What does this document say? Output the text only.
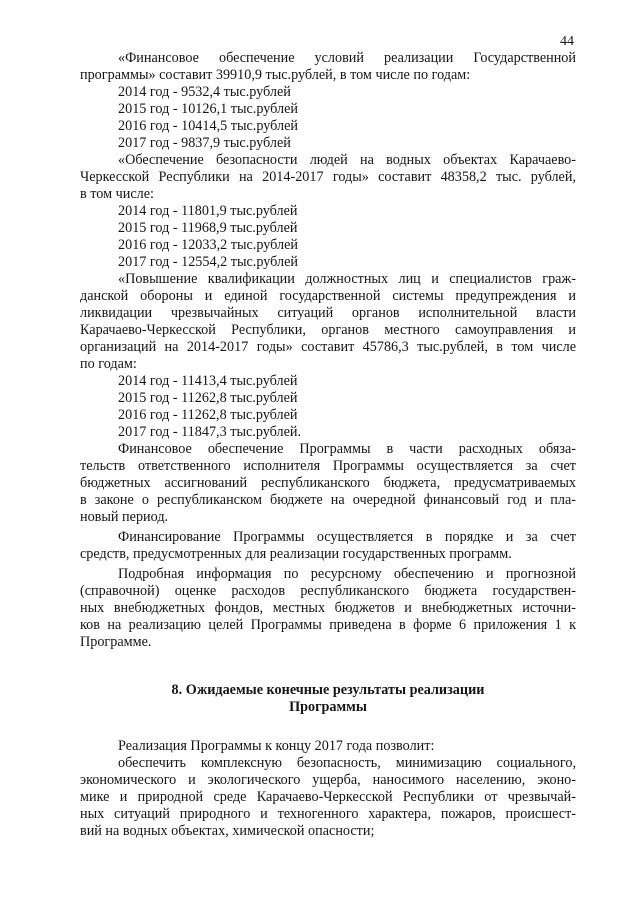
44
«Финансовое обеспечение условий реализации Государственной
программы» составит 39910,9 тыс.рублей, в том числе по годам:
2014 год - 9532,4 тыс.рублей
2015 год - 10126,1 тыс.рублей
2016 год - 10414,5 тыс.рублей
2017 год - 9837,9 тыс.рублей
«Обеспечение безопасности людей на водных объектах Карачаево-
Черкесской Республики на 2014-2017 годы» составит 48358,2 тыс. рублей,
в том числе:
2014 год - 11801,9 тыс.рублей
2015 год - 11968,9 тыс.рублей
2016 год - 12033,2 тыс.рублей
2017 год - 12554,2 тыс.рублей
«Повышение квалификации должностных лиц и специалистов граж-
данской обороны и единой государственной системы предупреждения и
ликвидации чрезвычайных ситуаций органов исполнительной власти
Карачаево-Черкесской Республики, органов местного самоуправления и
организаций на 2014-2017 годы» составит 45786,3 тыс.рублей, в том числе
по годам:
2014 год - 11413,4 тыс.рублей
2015 год - 11262,8 тыс.рублей
2016 год - 11262,8 тыс.рублей
2017 год - 11847,3 тыс.рублей.
Финансовое обеспечение Программы в части расходных обяза-
тельств ответственного исполнителя Программы осуществляется за счет
бюджетных ассигнований республиканского бюджета, предусматриваемых
в законе о республиканском бюджете на очередной финансовый год и пла-
новый период.
Финансирование Программы осуществляется в порядке и за счет
средств, предусмотренных для реализации государственных программ.
Подробная информация по ресурсному обеспечению и прогнозной
(справочной) оценке расходов республиканского бюджета государствен-
ных внебюджетных фондов, местных бюджетов и внебюджетных источни-
ков на реализацию целей Программы приведена в форме 6 приложения 1 к
Программе.
8. Ожидаемые конечные результаты реализации
Программы
Реализация Программы к концу 2017 года позволит:
обеспечить комплексную безопасность, минимизацию социального,
экономического и экологического ущерба, наносимого населению, эконо-
мике и природной среде Карачаево-Черкесской Республики от чрезвычай-
ных ситуаций природного и техногенного характера, пожаров, происшест-
вий на водных объектах, химической опасности;
